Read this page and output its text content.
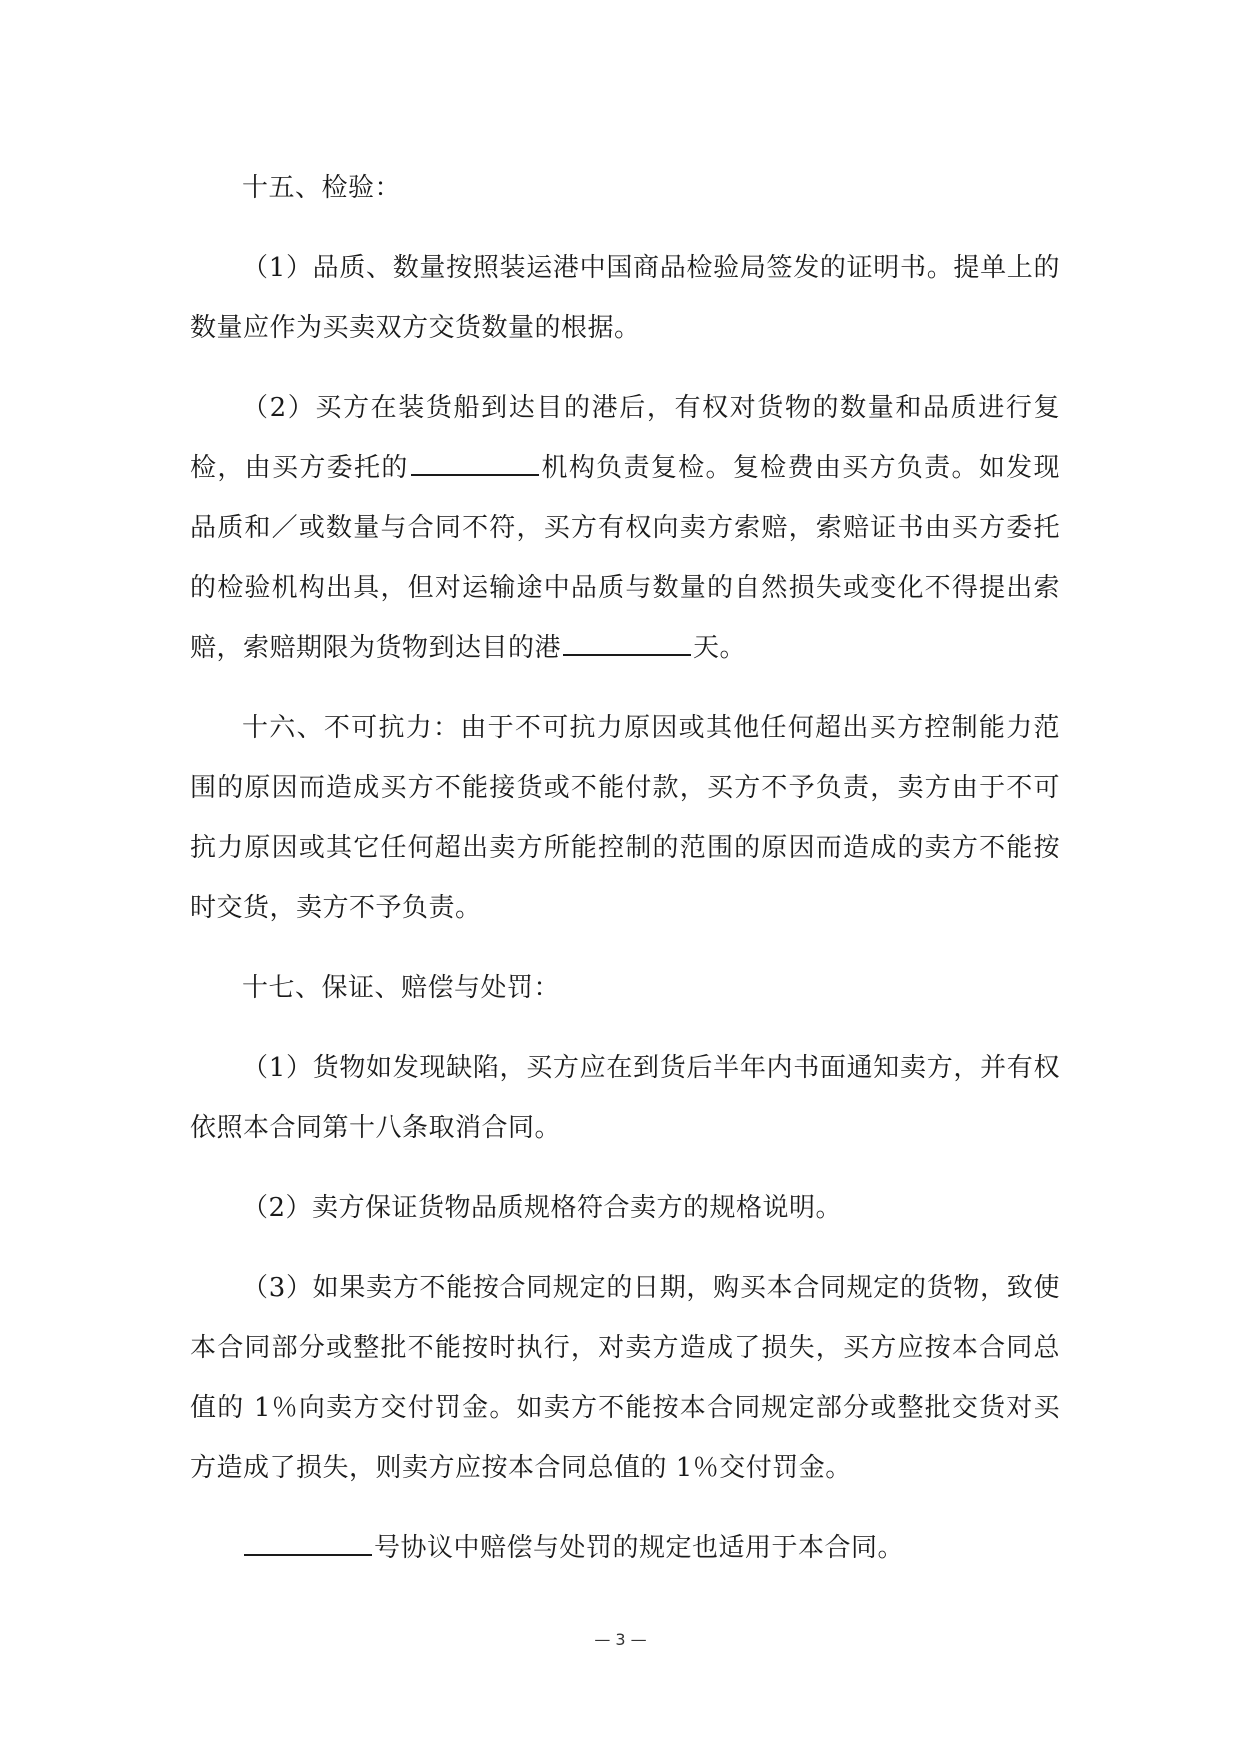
十五、检验：

（1）品质、数量按照装运港中国商品检验局签发的证明书。提单上的数量应作为买卖双方交货数量的根据。

（2）买方在装货船到达目的港后，有权对货物的数量和品质进行复检，由买方委托的	机构负责复检。复检费由买方负责。如发现品质和／或数量与合同不符，买方有权向卖方索赔，索赔证书由买方委托的检验机构出具，但对运输途中品质与数量的自然损失或变化不得提出索赔，索赔期限为货物到达目的港	天。

十六、不可抗力：由于不可抗力原因或其他任何超出买方控制能力范围的原因而造成买方不能接货或不能付款，买方不予负责，卖方由于不可抗力原因或其它任何超出卖方所能控制的范围的原因而造成的卖方不能按时交货，卖方不予负责。

十七、保证、赔偿与处罚：

（1）货物如发现缺陷，买方应在到货后半年内书面通知卖方，并有权依照本合同第十八条取消合同。

（2）卖方保证货物品质规格符合卖方的规格说明。

（3）如果卖方不能按合同规定的日期，购买本合同规定的货物，致使本合同部分或整批不能按时执行，对卖方造成了损失，买方应按本合同总值的 1％向卖方交付罚金。如卖方不能按本合同规定部分或整批交货对买方造成了损失，则卖方应按本合同总值的 1％交付罚金。

号协议中赔偿与处罚的规定也适用于本合同。

— 3 —
